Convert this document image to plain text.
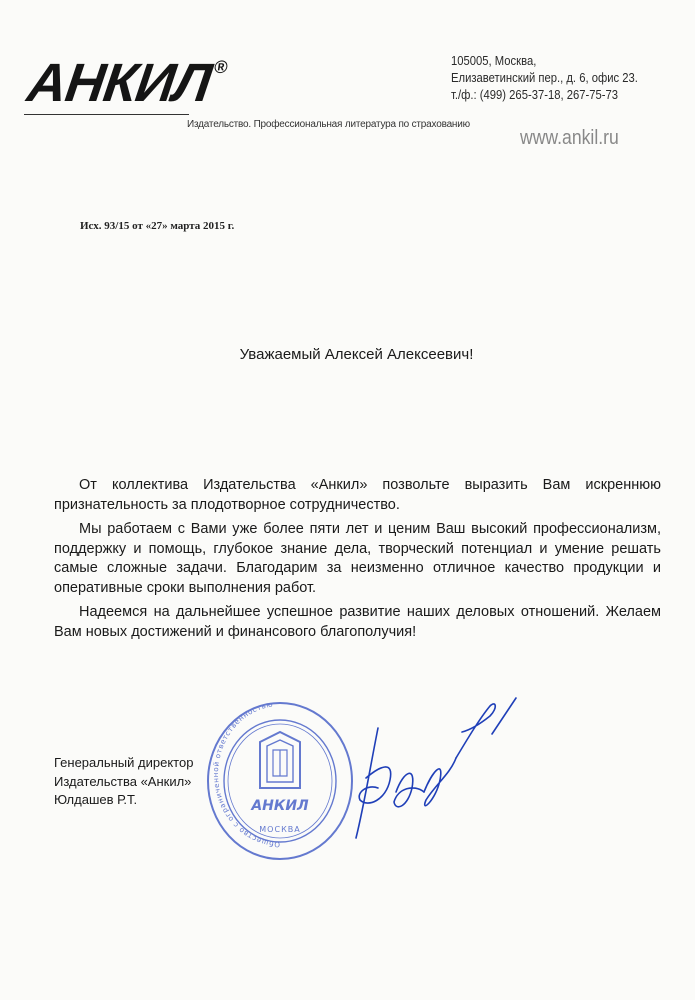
АНКИЛ®
Издательство. Профессиональная литература по страхованию
105005, Москва,
Елизаветинский пер., д. 6, офис 23.
т./ф.: (499) 265-37-18, 267-75-73
www.ankil.ru
Исх. 93/15 от «27» марта 2015 г.
Уважаемый Алексей Алексеевич!

От коллектива Издательства «Анкил» позвольте выразить Вам искреннюю признательность за плодотворное сотрудничество.

Мы работаем с Вами уже более пяти лет и ценим Ваш высокий профессионализм, поддержку и помощь, глубокое знание дела, творческий потенциал и умение решать самые сложные задачи. Благодарим за неизменно отличное качество продукции и оперативные сроки выполнения работ.

Надеемся на дальнейшее успешное развитие наших деловых отношений. Желаем Вам новых достижений и финансового благополучия!

Генеральный директор
Издательства «Анкил»
Юлдашев Р.Т.
Общество с ограниченной ответственностью
АНКИЛ
МОСКВА
